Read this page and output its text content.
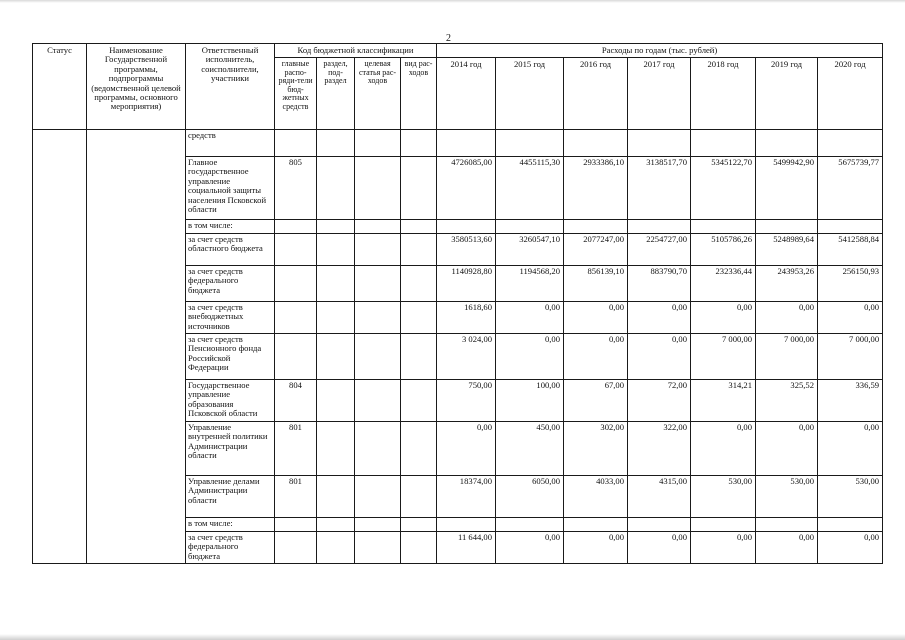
2
Статус	Наименование Государственной программы, подпрограммы (ведомственной целевой программы, основного мероприятия)	Ответственный исполнитель, соисполнители, участники	Код бюджетной классификации				Расходы по годам (тыс. рублей)						
			главные распо-ряди-тели бюд-жетных средств	раздел, под-раздел	целевая статья рас-ходов	вид рас-ходов	2014 год	2015 год	2016 год	2017 год	2018 год	2019 год	2020 год
		средств											
		Главное государственное управление социальной защиты населения Псковской области	805				4726085,00	4455115,30	2933386,10	3138517,70	5345122,70	5499942,90	5675739,77
		в том числе:											
		за счет средств областного бюджета					3580513,60	3260547,10	2077247,00	2254727,00	5105786,26	5248989,64	5412588,84
		за счет средств федерального бюджета					1140928,80	1194568,20	856139,10	883790,70	232336,44	243953,26	256150,93
		за счет средств внебюджетных источников					1618,60	0,00	0,00	0,00	0,00	0,00	0,00
		за счет средств Пенсионного фонда Российской Федерации					3 024,00	0,00	0,00	0,00	7 000,00	7 000,00	7 000,00
		Государственное управление образования Псковской области	804				750,00	100,00	67,00	72,00	314,21	325,52	336,59
		Управление внутренней политики Администрации области	801				0,00	450,00	302,00	322,00	0,00	0,00	0,00
		Управление делами Администрации области	801				18374,00	6050,00	4033,00	4315,00	530,00	530,00	530,00
		в том числе:											
		за счет средств федерального бюджета					11 644,00	0,00	0,00	0,00	0,00	0,00	0,00
